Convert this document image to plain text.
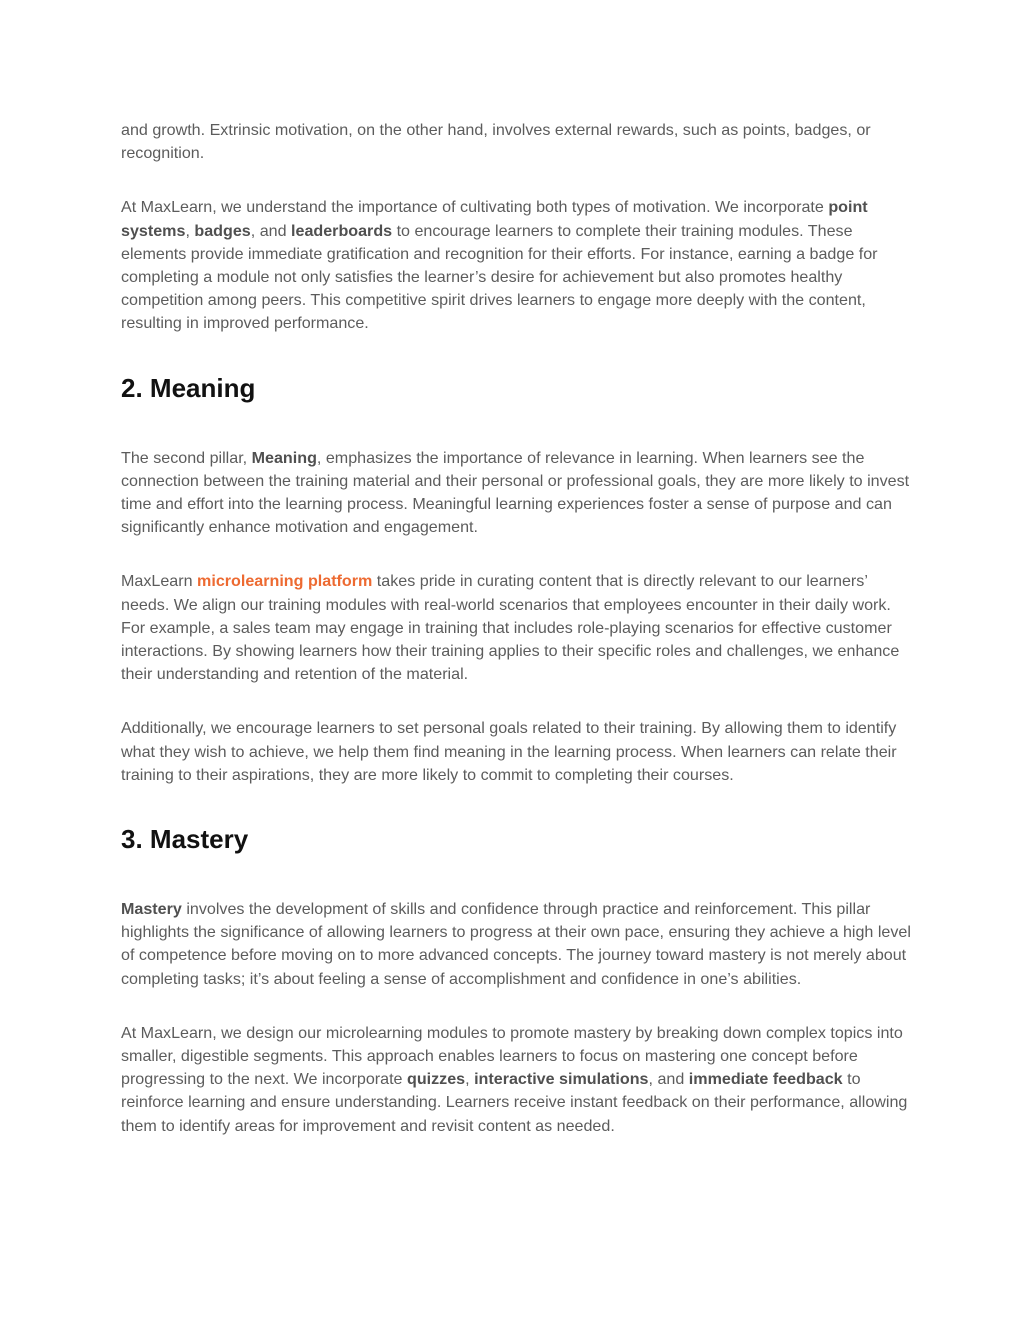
and growth. Extrinsic motivation, on the other hand, involves external rewards, such as points, badges, or recognition.

At MaxLearn, we understand the importance of cultivating both types of motivation. We incorporate point systems, badges, and leaderboards to encourage learners to complete their training modules. These elements provide immediate gratification and recognition for their efforts. For instance, earning a badge for completing a module not only satisfies the learner’s desire for achievement but also promotes healthy competition among peers. This competitive spirit drives learners to engage more deeply with the content, resulting in improved performance.

2. Meaning

The second pillar, Meaning, emphasizes the importance of relevance in learning. When learners see the connection between the training material and their personal or professional goals, they are more likely to invest time and effort into the learning process. Meaningful learning experiences foster a sense of purpose and can significantly enhance motivation and engagement.

MaxLearn microlearning platform takes pride in curating content that is directly relevant to our learners’ needs. We align our training modules with real-world scenarios that employees encounter in their daily work. For example, a sales team may engage in training that includes role-playing scenarios for effective customer interactions. By showing learners how their training applies to their specific roles and challenges, we enhance their understanding and retention of the material.

Additionally, we encourage learners to set personal goals related to their training. By allowing them to identify what they wish to achieve, we help them find meaning in the learning process. When learners can relate their training to their aspirations, they are more likely to commit to completing their courses.

3. Mastery

Mastery involves the development of skills and confidence through practice and reinforcement. This pillar highlights the significance of allowing learners to progress at their own pace, ensuring they achieve a high level of competence before moving on to more advanced concepts. The journey toward mastery is not merely about completing tasks; it’s about feeling a sense of accomplishment and confidence in one’s abilities.

At MaxLearn, we design our microlearning modules to promote mastery by breaking down complex topics into smaller, digestible segments. This approach enables learners to focus on mastering one concept before progressing to the next. We incorporate quizzes, interactive simulations, and immediate feedback to reinforce learning and ensure understanding. Learners receive instant feedback on their performance, allowing them to identify areas for improvement and revisit content as needed.
